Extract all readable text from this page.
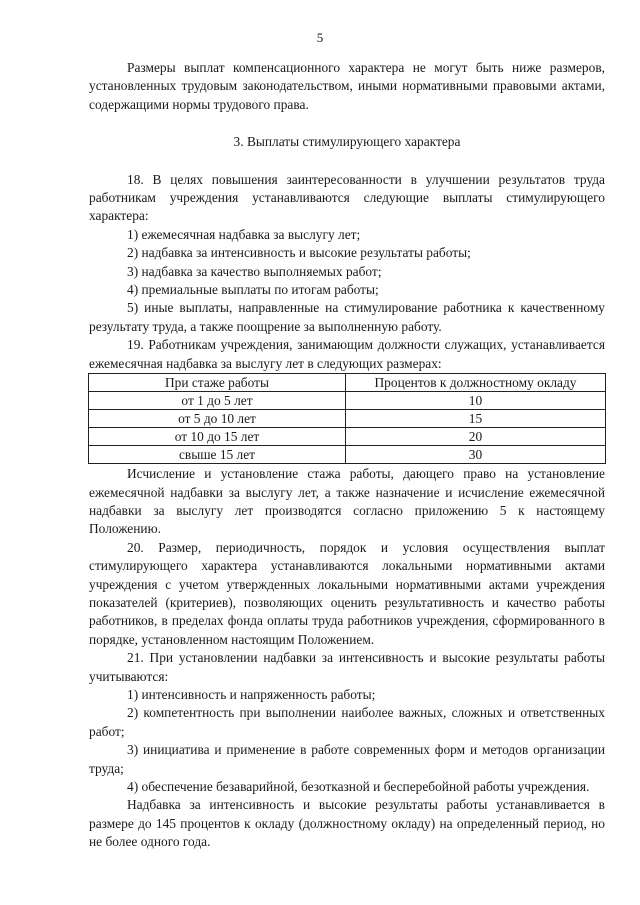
5

Размеры выплат компенсационного характера не могут быть ниже размеров, установленных трудовым законодательством, иными нормативными правовыми актами, содержащими нормы трудового права.

3. Выплаты стимулирующего характера

18. В целях повышения заинтересованности в улучшении результатов труда работникам учреждения устанавливаются следующие выплаты стимулирующего характера:

1) ежемесячная надбавка за выслугу лет;

2) надбавка за интенсивность и высокие результаты работы;

3) надбавка за качество выполняемых работ;

4) премиальные выплаты по итогам работы;

5) иные выплаты, направленные на стимулирование работника к качественному результату труда, а также поощрение за выполненную работу.

19. Работникам учреждения, занимающим должности служащих, устанавливается ежемесячная надбавка за выслугу лет в следующих размерах:

При стаже работы	Процентов к должностному окладу
от 1 до 5 лет	10
от 5 до 10 лет	15
от 10 до 15 лет	20
свыше 15 лет	30

Исчисление и установление стажа работы, дающего право на установление ежемесячной надбавки за выслугу лет, а также назначение и исчисление ежемесячной надбавки за выслугу лет производятся согласно приложению 5 к настоящему Положению.

20. Размер, периодичность, порядок и условия осуществления выплат стимулирующего характера устанавливаются локальными нормативными актами учреждения с учетом утвержденных локальными нормативными актами учреждения показателей (критериев), позволяющих оценить результативность и качество работы работников, в пределах фонда оплаты труда работников учреждения, сформированного в порядке, установленном настоящим Положением.

21. При установлении надбавки за интенсивность и высокие результаты работы учитываются:

1) интенсивность и напряженность работы;

2) компетентность при выполнении наиболее важных, сложных и ответственных работ;

3) инициатива и применение в работе современных форм и методов организации труда;

4) обеспечение безаварийной, безотказной и бесперебойной работы учреждения.

Надбавка за интенсивность и высокие результаты работы устанавливается в размере до 145 процентов к окладу (должностному окладу) на определенный период, но не более одного года.
